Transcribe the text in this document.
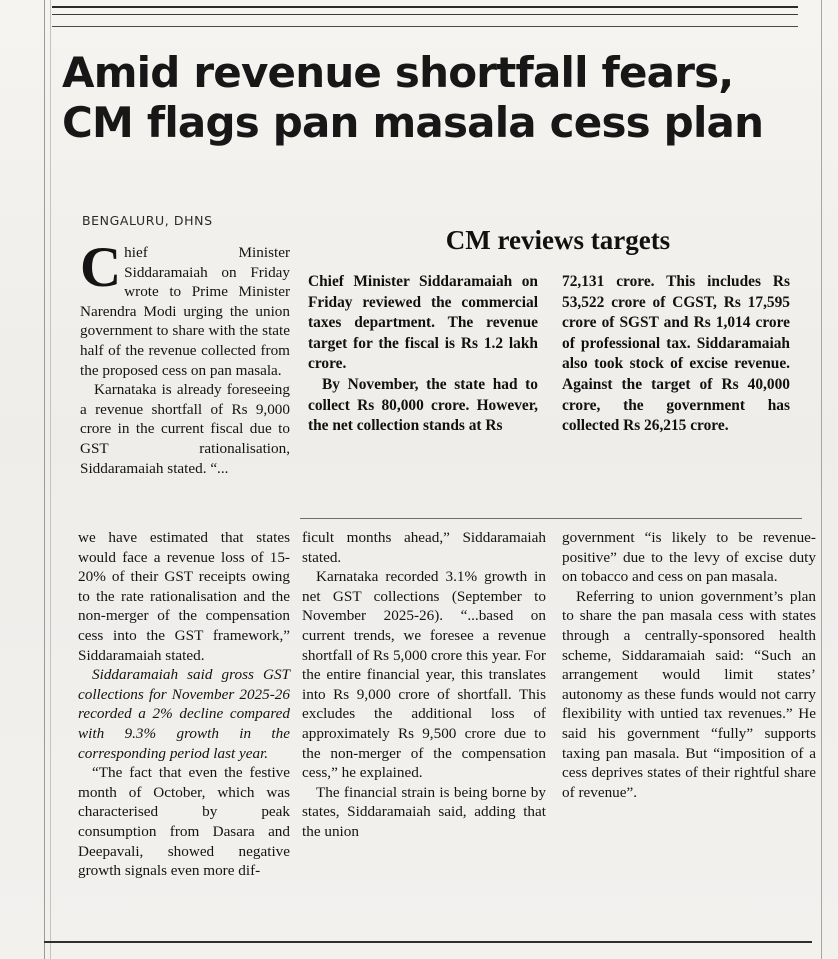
Amid revenue shortfall fears,
CM flags pan masala cess plan
BENGALURU, DHNS

Chief Minister Siddaramaiah on Friday wrote to Prime Minister Narendra Modi urging the union government to share with the state half of the revenue collected from the proposed cess on pan masala.

Karnataka is already foreseeing a revenue shortfall of Rs 9,000 crore in the current fiscal due to GST rationalisation, Siddaramaiah stated. “...

CM reviews targets

Chief Minister Siddaramaiah on Friday reviewed the commercial taxes department. The revenue target for the fiscal is Rs 1.2 lakh crore.

By November, the state had to collect Rs 80,000 crore. However, the net collection stands at Rs

72,131 crore. This includes Rs 53,522 crore of CGST, Rs 17,595 crore of SGST and Rs 1,014 crore of professional tax. Siddaramaiah also took stock of excise revenue. Against the target of Rs 40,000 crore, the government has collected Rs 26,215 crore.

we have estimated that states would face a revenue loss of 15-20% of their GST receipts owing to the rate rationalisation and the non-merger of the compensation cess into the GST framework,” Siddaramaiah stated.

Siddaramaiah said gross GST collections for November 2025-26 recorded a 2% decline compared with 9.3% growth in the corresponding period last year.

“The fact that even the festive month of October, which was characterised by peak consumption from Dasara and Deepavali, showed negative growth signals even more dif-

ficult months ahead,” Siddaramaiah stated.

Karnataka recorded 3.1% growth in net GST collections (September to November 2025-26). “...based on current trends, we foresee a revenue shortfall of Rs 5,000 crore this year. For the entire financial year, this translates into Rs 9,000 crore of shortfall. This excludes the additional loss of approximately Rs 9,500 crore due to the non-merger of the compensation cess,” he explained.

The financial strain is being borne by states, Siddaramaiah said, adding that the union

government “is likely to be revenue-positive” due to the levy of excise duty on tobacco and cess on pan masala.

Referring to union government’s plan to share the pan masala cess with states through a centrally-sponsored health scheme, Siddaramaiah said: “Such an arrangement would limit states’ autonomy as these funds would not carry flexibility with untied tax revenues.” He said his government “fully” supports taxing pan masala. But “imposition of a cess deprives states of their rightful share of revenue”.
